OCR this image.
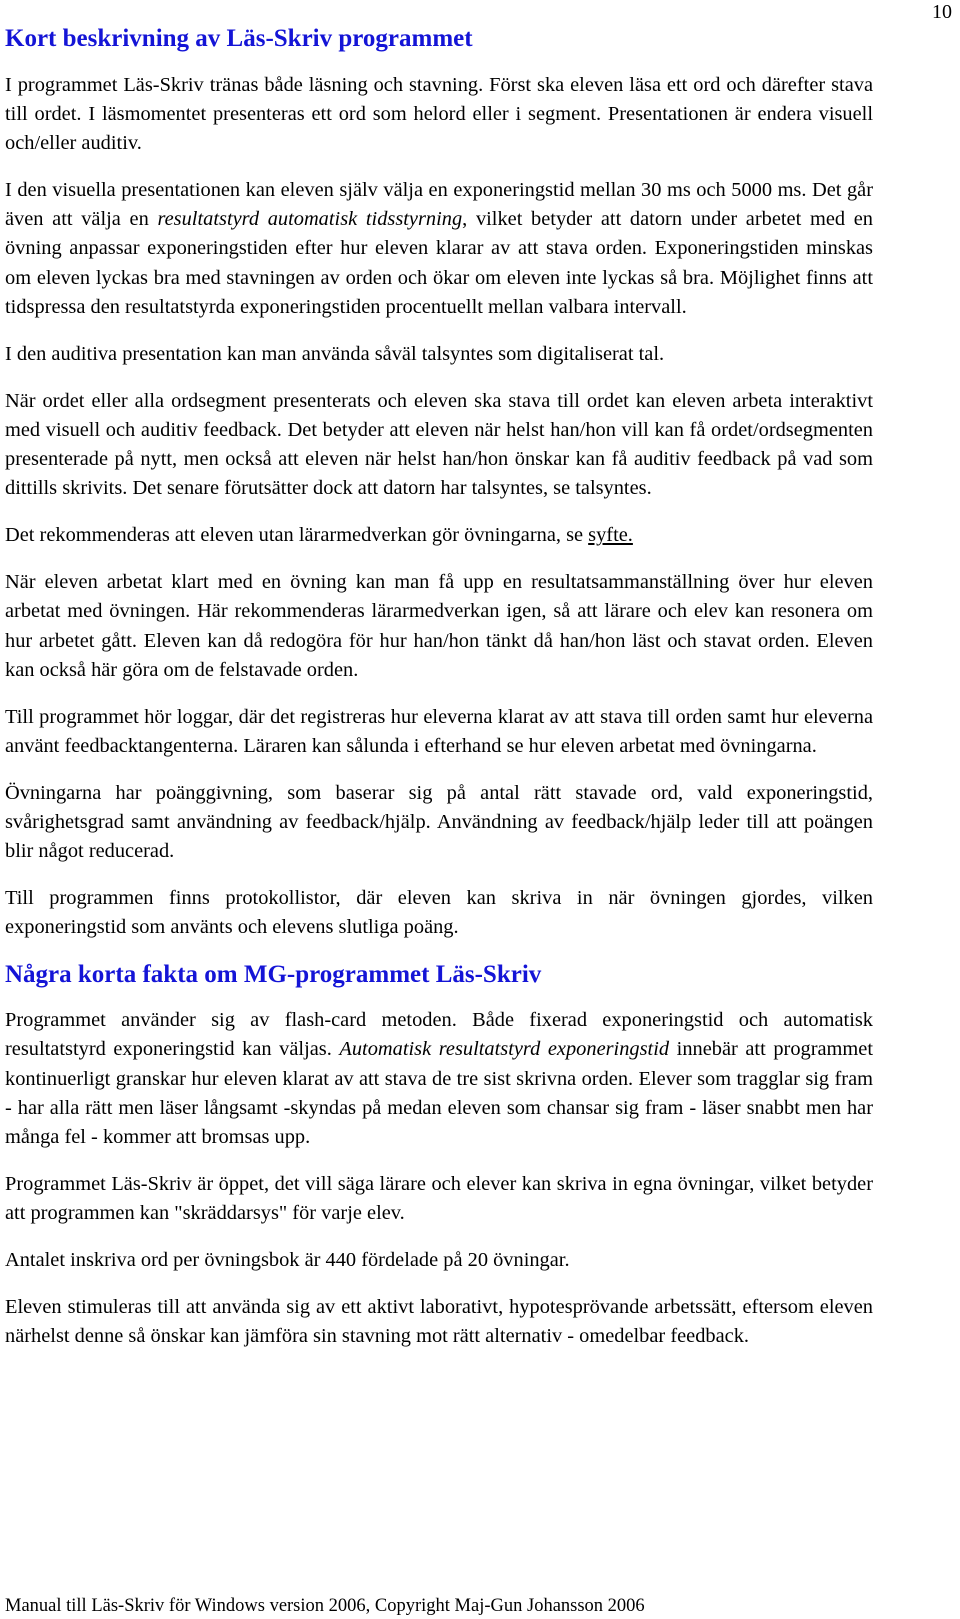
10
Kort beskrivning av Läs-Skriv programmet

I programmet Läs-Skriv tränas både läsning och stavning. Först ska eleven läsa ett ord och därefter stava till ordet. I läsmomentet presenteras ett ord som helord eller i segment. Presentationen är endera visuell och/eller auditiv.

I den visuella presentationen kan eleven själv välja en exponeringstid mellan 30 ms och 5000 ms. Det går även att välja en resultatstyrd automatisk tidsstyrning, vilket betyder att datorn under arbetet med en övning anpassar exponeringstiden efter hur eleven klarar av att stava orden. Exponeringstiden minskas om eleven lyckas bra med stavningen av orden och ökar om eleven inte lyckas så bra. Möjlighet finns att tidspressa den resultatstyrda exponeringstiden procentuellt mellan valbara intervall.

I den auditiva presentation kan man använda såväl talsyntes som digitaliserat tal.

När ordet eller alla ordsegment presenterats och eleven ska stava till ordet kan eleven arbeta interaktivt med visuell och auditiv feedback. Det betyder att eleven när helst han/hon vill kan få ordet/ordsegmenten presenterade på nytt, men också att eleven när helst han/hon önskar kan få auditiv feedback på vad som dittills skrivits. Det senare förutsätter dock att datorn har talsyntes, se talsyntes.

Det rekommenderas att eleven utan lärarmedverkan gör övningarna, se syfte.

När eleven arbetat klart med en övning kan man få upp en resultatsammanställning över hur eleven arbetat med övningen. Här rekommenderas lärarmedverkan igen, så att lärare och elev kan resonera om hur arbetet gått. Eleven kan då redogöra för hur han/hon tänkt då han/hon läst och stavat orden. Eleven kan också här göra om de felstavade orden.

Till programmet hör loggar, där det registreras hur eleverna klarat av att stava till orden samt hur eleverna använt feedbacktangenterna. Läraren kan sålunda i efterhand se hur eleven arbetat med övningarna.

Övningarna har poänggivning, som baserar sig på antal rätt stavade ord, vald exponeringstid, svårighetsgrad samt användning av feedback/hjälp. Användning av feedback/hjälp leder till att poängen blir något reducerad.

Till programmen finns protokollistor, där eleven kan skriva in när övningen gjordes, vilken exponeringstid som använts och elevens slutliga poäng.

Några korta fakta om MG-programmet Läs-Skriv

Programmet använder sig av flash-card metoden. Både fixerad exponeringstid och automatisk resultatstyrd exponeringstid kan väljas. Automatisk resultatstyrd exponeringstid innebär att programmet kontinuerligt granskar hur eleven klarat av att stava de tre sist skrivna orden. Elever som tragglar sig fram - har alla rätt men läser långsamt -skyndas på medan eleven som chansar sig fram - läser snabbt men har många fel - kommer att bromsas upp.

Programmet Läs-Skriv är öppet, det vill säga lärare och elever kan skriva in egna övningar, vilket betyder att programmen kan "skräddarsys" för varje elev.

Antalet inskriva ord per övningsbok är 440 fördelade på 20 övningar.

Eleven stimuleras till att använda sig av ett aktivt laborativt, hypotesprövande arbetssätt, eftersom eleven närhelst denne så önskar kan jämföra sin stavning mot rätt alternativ - omedelbar feedback.

Manual till Läs-Skriv för Windows version 2006, Copyright Maj-Gun Johansson 2006
